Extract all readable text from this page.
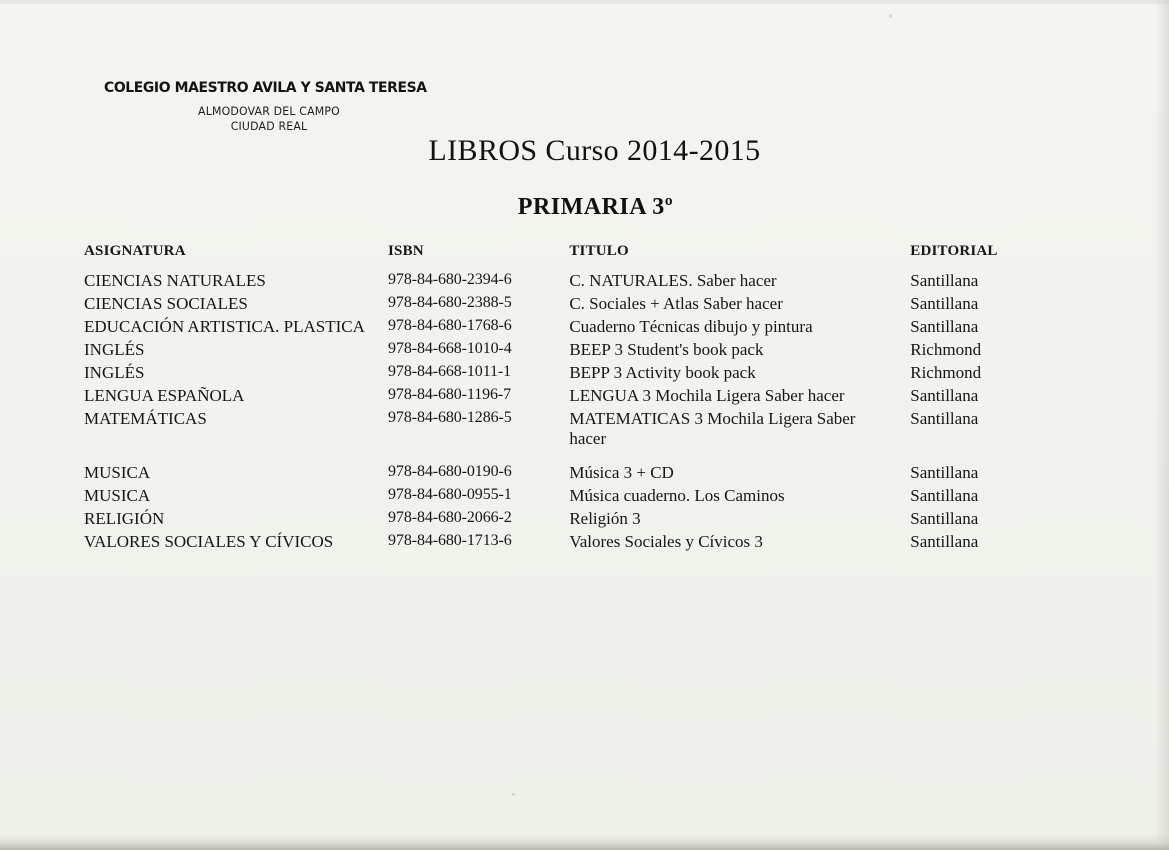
COLEGIO MAESTRO AVILA Y SANTA TERESA
ALMODOVAR DEL CAMPO
CIUDAD REAL
LIBROS Curso 2014-2015
PRIMARIA 3º
ASIGNATURA	ISBN	TITULO	EDITORIAL
CIENCIAS NATURALES	978-84-680-2394-6	C. NATURALES. Saber hacer	Santillana
CIENCIAS SOCIALES	978-84-680-2388-5	C. Sociales + Atlas Saber hacer	Santillana
EDUCACIÓN ARTISTICA. PLASTICA	978-84-680-1768-6	Cuaderno Técnicas dibujo y pintura	Santillana
INGLÉS	978-84-668-1010-4	BEEP 3 Student's book pack	Richmond
INGLÉS	978-84-668-1011-1	BEPP 3 Activity book pack	Richmond
LENGUA ESPAÑOLA	978-84-680-1196-7	LENGUA 3 Mochila Ligera Saber hacer	Santillana
MATEMÁTICAS	978-84-680-1286-5	MATEMATICAS 3 Mochila Ligera Saber hacer	Santillana

MUSICA	978-84-680-0190-6	Música 3 + CD	Santillana
MUSICA	978-84-680-0955-1	Música cuaderno. Los Caminos	Santillana
RELIGIÓN	978-84-680-2066-2	Religión 3	Santillana
VALORES SOCIALES Y CÍVICOS	978-84-680-1713-6	Valores Sociales y Cívicos 3	Santillana
